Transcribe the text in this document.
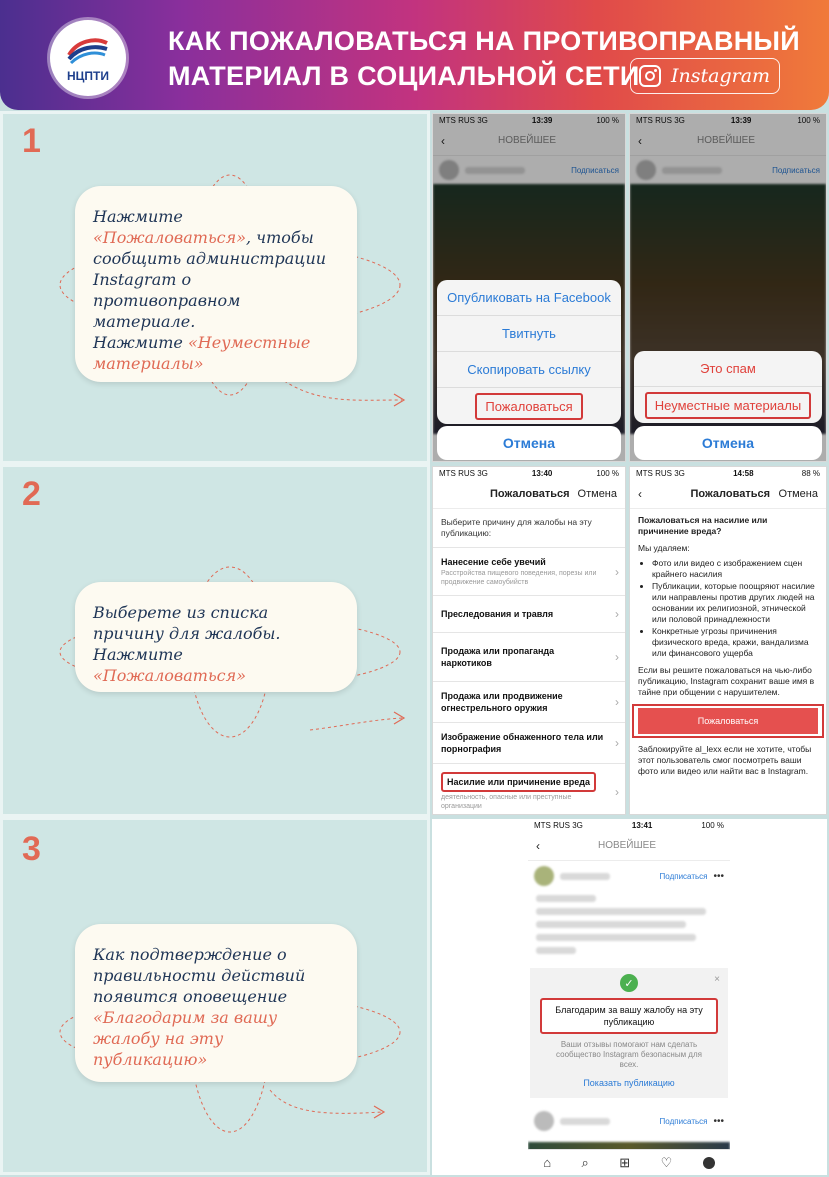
НЦПТИ
КАК ПОЖАЛОВАТЬСЯ НА ПРОТИВОПРАВНЫЙ
МАТЕРИАЛ В СОЦИАЛЬНОЙ СЕТИ	Instagram
1
Нажмите «Пожаловаться», чтобы сообщить администрации Instagram о противоправном материале.
Нажмите «Неуместные материалы»
MTS RUS 3G	13:39	100 %
‹	НОВЕЙШЕЕ
Подписаться
Опубликовать на Facebook
Твитнуть
Скопировать ссылку
Пожаловаться
Отмена
MTS RUS 3G	13:39	100 %
‹	НОВЕЙШЕЕ
Подписаться
Это спам
Неуместные материалы
Отмена
2
Выберете из списка причину для жалобы.
Нажмите «Пожаловаться»
MTS RUS 3G	13:40	100 %
Пожаловаться Отмена
Выберите причину для жалобы на эту публикацию:
Нанесение себе увечий
Расстройства пищевого поведения, порезы или продвижение самоубийств
›
Преследования и травля	›
Продажа или пропаганда наркотиков	›
Продажа или продвижение огнестрельного оружия	›
Изображение обнаженного тела или порнография	›
Насилие или причинение вреда
деятельность, опасные или преступные организации
›
MTS RUS 3G	14:58	88 %
‹	Пожаловаться Отмена
Пожаловаться на насилие или причинение вреда?
Мы удаляем:
• Фото или видео с изображением сцен крайнего насилия
• Публикации, которые поощряют насилие или направлены против других людей на основании их религиозной, этнической или половой принадлежности
• Конкретные угрозы причинения физического вреда, кражи, вандализма или финансового ущерба
Если вы решите пожаловаться на чью-либо публикацию, Instagram сохранит ваше имя в тайне при общении с нарушителем.
Пожаловаться
Заблокируйте al_lexx если не хотите, чтобы этот пользователь смог посмотреть ваши фото или видео или найти вас в Instagram.
3
Как подтверждение о правильности действий появится оповещение «Благодарим за вашу жалобу на эту публикацию»
MTS RUS 3G	13:41	100 %
‹	НОВЕЙШЕЕ
Подписаться •••
✓	×
Благодарим за вашу жалобу на эту публикацию
Ваши отзывы помогают нам сделать сообщество Instagram безопасным для всех.
Показать публикацию
Подписаться •••
⌂ ⌕ ⊞ ♡
